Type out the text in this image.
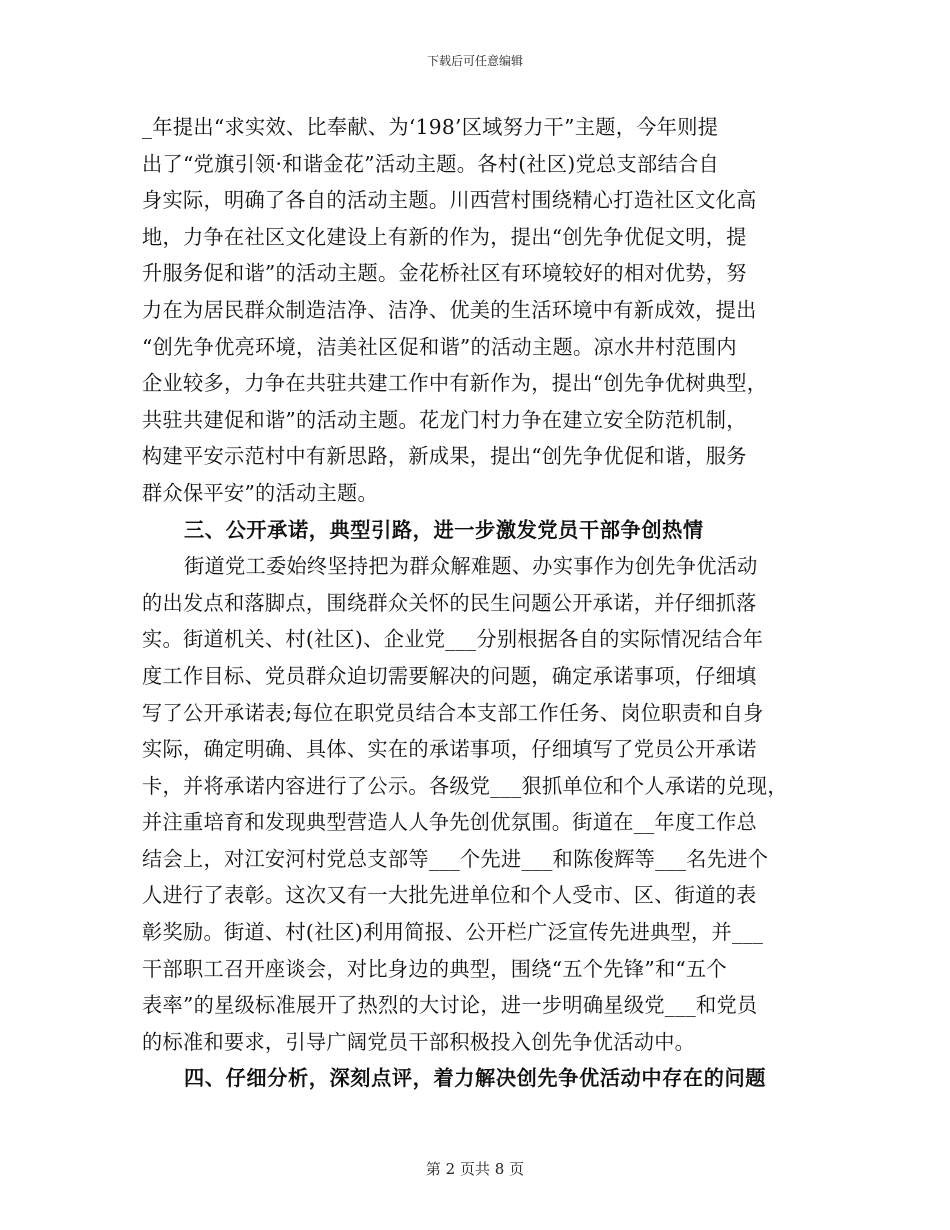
下载后可任意编辑
_年提出“求实效、比奉献、为‘198’区域努力干”主题，今年则提
出了“党旗引领·和谐金花”活动主题。各村(社区)党总支部结合自
身实际，明确了各自的活动主题。川西营村围绕精心打造社区文化高
地，力争在社区文化建设上有新的作为，提出“创先争优促文明，提
升服务促和谐”的活动主题。金花桥社区有环境较好的相对优势，努
力在为居民群众制造洁净、洁净、优美的生活环境中有新成效，提出
“创先争优亮环境，洁美社区促和谐”的活动主题。凉水井村范围内
企业较多，力争在共驻共建工作中有新作为，提出“创先争优树典型，
共驻共建促和谐”的活动主题。花龙门村力争在建立安全防范机制，
构建平安示范村中有新思路，新成果，提出“创先争优促和谐，服务
群众保平安”的活动主题。
三、公开承诺，典型引路，进一步激发党员干部争创热情
街道党工委始终坚持把为群众解难题、办实事作为创先争优活动
的出发点和落脚点，围绕群众关怀的民生问题公开承诺，并仔细抓落
实。街道机关、村(社区)、企业党___分别根据各自的实际情况结合年
度工作目标、党员群众迫切需要解决的问题，确定承诺事项，仔细填
写了公开承诺表;每位在职党员结合本支部工作任务、岗位职责和自身
实际，确定明确、具体、实在的承诺事项，仔细填写了党员公开承诺
卡，并将承诺内容进行了公示。各级党___狠抓单位和个人承诺的兑现，
并注重培育和发现典型营造人人争先创优氛围。街道在__年度工作总
结会上，对江安河村党总支部等___个先进___和陈俊辉等___名先进个
人进行了表彰。这次又有一大批先进单位和个人受市、区、街道的表
彰奖励。街道、村(社区)利用简报、公开栏广泛宣传先进典型，并___
干部职工召开座谈会，对比身边的典型，围绕“五个先锋”和“五个
表率”的星级标准展开了热烈的大讨论，进一步明确星级党___和党员
的标准和要求，引导广阔党员干部积极投入创先争优活动中。
四、仔细分析，深刻点评，着力解决创先争优活动中存在的问题
第 2 页共 8 页
